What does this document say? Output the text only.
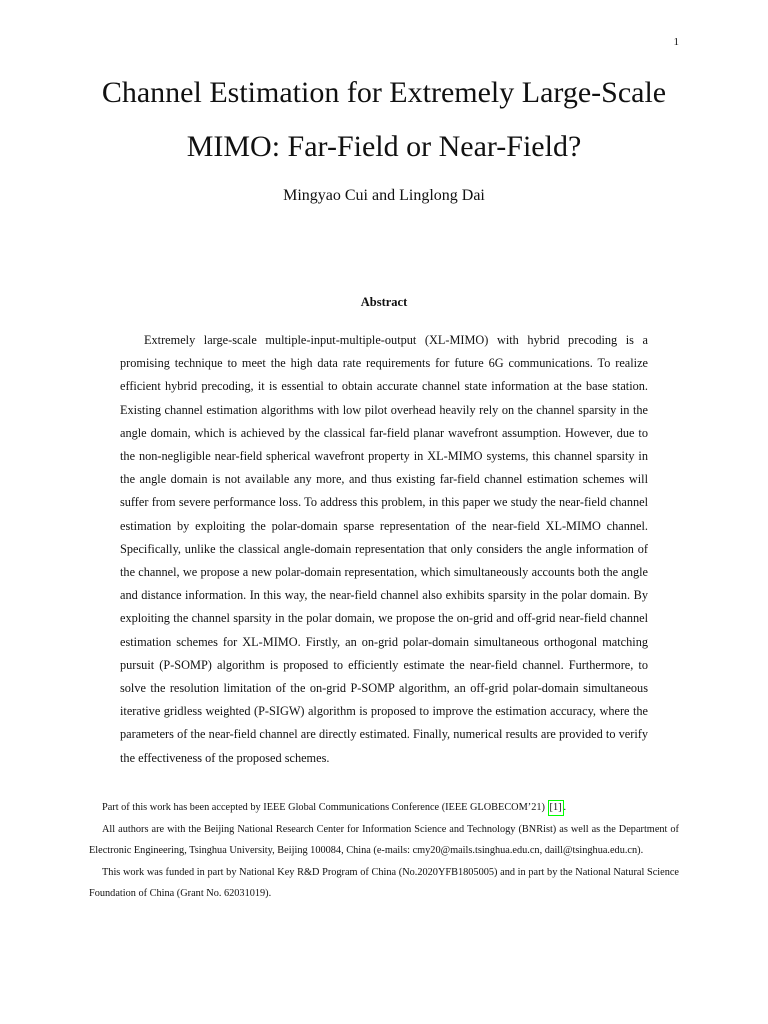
1
Channel Estimation for Extremely Large-Scale MIMO: Far-Field or Near-Field?
Mingyao Cui and Linglong Dai
Abstract

Extremely large-scale multiple-input-multiple-output (XL-MIMO) with hybrid precoding is a promising technique to meet the high data rate requirements for future 6G communications. To realize efficient hybrid precoding, it is essential to obtain accurate channel state information at the base station. Existing channel estimation algorithms with low pilot overhead heavily rely on the channel sparsity in the angle domain, which is achieved by the classical far-field planar wavefront assumption. However, due to the non-negligible near-field spherical wavefront property in XL-MIMO systems, this channel sparsity in the angle domain is not available any more, and thus existing far-field channel estimation schemes will suffer from severe performance loss. To address this problem, in this paper we study the near-field channel estimation by exploiting the polar-domain sparse representation of the near-field XL-MIMO channel. Specifically, unlike the classical angle-domain representation that only considers the angle information of the channel, we propose a new polar-domain representation, which simultaneously accounts both the angle and distance information. In this way, the near-field channel also exhibits sparsity in the polar domain. By exploiting the channel sparsity in the polar domain, we propose the on-grid and off-grid near-field channel estimation schemes for XL-MIMO. Firstly, an on-grid polar-domain simultaneous orthogonal matching pursuit (P-SOMP) algorithm is proposed to efficiently estimate the near-field channel. Furthermore, to solve the resolution limitation of the on-grid P-SOMP algorithm, an off-grid polar-domain simultaneous iterative gridless weighted (P-SIGW) algorithm is proposed to improve the estimation accuracy, where the parameters of the near-field channel are directly estimated. Finally, numerical results are provided to verify the effectiveness of the proposed schemes.

Part of this work has been accepted by IEEE Global Communications Conference (IEEE GLOBECOM’21) [1] .

All authors are with the Beijing National Research Center for Information Science and Technology (BNRist) as well as the Department of Electronic Engineering, Tsinghua University, Beijing 100084, China (e-mails: cmy20@mails.tsinghua.edu.cn, daill@tsinghua.edu.cn).

This work was funded in part by National Key R&D Program of China (No.2020YFB1805005) and in part by the National Natural Science Foundation of China (Grant No. 62031019).
